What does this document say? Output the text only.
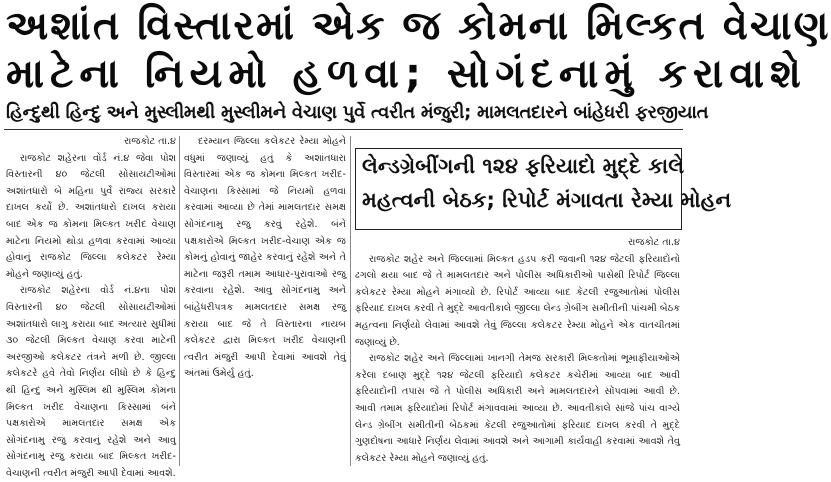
અશાંત વિસ્તારમાં એક જ કોમના મિલ્કત વેચાણ
માટેના નિયમો હળવા; સોગંદનામું કરાવાશે
હિન્દુથી હિન્દુ અને મુસ્લીમથી મુસ્લીમને વેચાણ પુર્વે ત્વરીત મંજુરી; મામલતદારને બાંહેધરી ફરજીયાત

રાજકોટ તા.૪

રાજકોટ શહેરના વોર્ડ નં.૪ જેવા પોશ વિસ્તારની ૪૦ જેટલી સોસાયટીઓમાં અશાંતધારો બે મહિના પુર્વે રાજ્ય સરકારે દાખલ કર્યો છે. અશાંતધારો દાખલ કરાયા બાદ એક જ કોમના મિલ્કત ખરીદ વેચાણ માટેના નિયમો થોડા હળવા કરવામાં આવ્યા હોવાનું રાજકોટ જિલ્લા કલેકટર રેમ્યા મોહને જણાવ્યું હતું.

રાજકોટ શહેરના વોર્ડ નં.૪ના પોશ વિસ્તારની ૪૦ જેટલી સોસાયટીઓમાં અશાંતધારો લાગુ કરાયા બાદ અત્યાર સુધીમાં ૩૦ જેટલી મિલ્કત વેચાણ કરવા માટેની અરજીઓ કલેકટર તંત્રને મળી છે. જીલ્લા કલેકટરે હવે તેવો નિર્ણય લીધો છે કે હિન્દુ થી હિન્દુ અને મુસ્લિમ થી મુસ્લિમ કોમના મિલ્કત ખરીદ વેચાણના કિસ્સામાં બંને પક્ષકારોએ મામલતદાર સમક્ષ એક સોગંદનામુ રજુ કરવાનું રહેશે અને આવુ સોગંદનામુ રજુ કરાયા બાદ મિલ્કત ખરીદ-વેચાણની ત્વરીત મંજુરી આપી દેવામાં આવશે.

દરમ્યાન જિલ્લા કલેકટર રેમ્યા મોહને વધુમાં જણાવ્યું હતું કે અશાંતધારા વિસ્તારમાં એક જ કોમના મિલ્કત ખરીદ-વેચાણના કિસ્સામાં જે નિયમો હળવા કરવામાં આવ્યા છે તેમાં મામલતદાર સમક્ષ સોગંદનામુ રજુ કરવું રહેશે. બંને પક્ષકારોએ મિલ્કત ખરીદ-વેચાણ એક જ કોમનું હોવાનું જાહેર કરવાનું રહેશે અને તે માટેના જરૂરી તમામ આધાર-પુરાવાઓ રજુ કરવાના રહેશે. આવુ સોગંદનામુ અને બાંહેધરીપત્રક મામલતદાર સમક્ષ રજુ કરાયા બાદ જે તે વિસ્તારના નાયબ કલેકટર દ્વારા મિલ્કત ખરીદ વેચાણની ત્વરીત મંજુરી આપી દેવામાં આવશે તેવું અંતમાં ઉમેર્યુ હતું.

લેન્ડગ્રેબીંગની ૧૨૪ ફરિયાદો મુદ્દે કાલે
મહત્વની બેઠક; રિપોર્ટ મંગાવતા રેમ્યા મોહન

રાજકોટ તા.૪

રાજકોટ શહેર અને જિલ્લામાં મિલ્કત હડપ કરી જવાની ૧૨૪ જેટલી ફરિયાદોનો ઢગલો થયા બાદ જે તે મામલતદાર અને પોલીસ અધિકારીઓ પાસેથી રિપોર્ટ જિલ્લા કલેકટર રેમ્યા મોહને મંગાવ્યો છે. રિપોર્ટ આવ્યા બાદ કેટલી રજુઆતોમાં પોલીસ ફરિયાદ દાખલ કરવી તે મુદ્દે આવતીકાલે જીલ્લા લેન્ડ ગ્રેબીંગ સમીતીની પાંચમી બેઠક મહત્વના નિર્ણયો લેવામાં આવશે તેવું જિલ્લા કલેકટર રેમ્યા મોહને એક વાતચીતમાં જણાવ્યું છે.

રાજકોટ શહેર અને જિલ્લામાં ખાનગી તેમજ સરકારી મિલ્કતોમાં ભૂમાફીયાઓએ કરેલા દબાણ મુદ્દે ૧૨૪ જેટલી ફરિયાદો કલેકટર કચેરીમાં આવ્યા બાદ આવી ફરિયાદોની તપાસ જે તે પોલીસ અધિકારી અને મામલતદારને સોંપવામાં આવી છે. આવી તમામ ફરિયાદોમાં રિપોર્ટ મંગાવવામાં આવ્યા છે. આવતીકાલે સાંજે પાંચ વાગ્યે લેન્ડ ગ્રેબીંગ સમીતીની બેઠકમાં કેટલી રજુઆતોમાં ફરિયાદ દાખલ કરવી તે મુદ્દે ગુણદોષના આધારે નિર્ણય લેવામાં આવશે અને આગામી કાર્યવાહી કરવામાં આવશે તેવુ કલેકટર રેમ્યા મોહને જણાવ્યું હતું.
